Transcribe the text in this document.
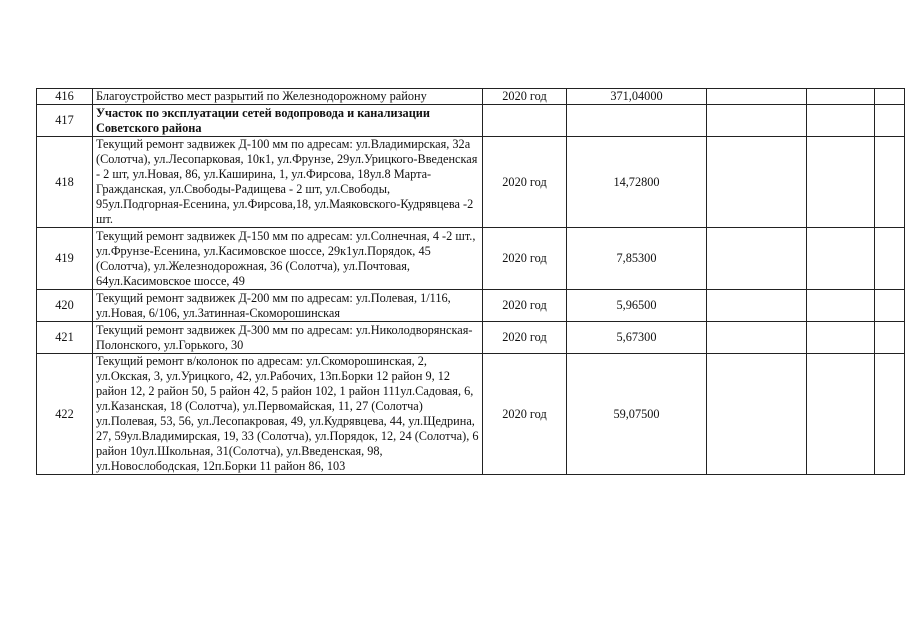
416	Благоустройство мест разрытий по Железнодорожному району	2020 год	371,04000			
417	Участок по эксплуатации сетей водопровода и канализации Советского района					
418	Текущий ремонт задвижек Д-100 мм по адресам: ул.Владимирская, 32а (Солотча), ул.Лесопарковая, 10к1, ул.Фрунзе, 29ул.Урицкого-Введенская - 2 шт, ул.Новая, 86, ул.Каширина, 1, ул.Фирсова, 18ул.8 Марта-Гражданская, ул.Свободы-Радищева - 2 шт, ул.Свободы, 95ул.Подгорная-Есенина, ул.Фирсова,18, ул.Маяковского-Кудрявцева -2 шт.	2020 год	14,72800			
419	Текущий ремонт задвижек Д-150 мм по адресам: ул.Солнечная, 4 -2 шт., ул.Фрунзе-Есенина, ул.Касимовское шоссе, 29к1ул.Порядок, 45 (Солотча), ул.Железнодорожная, 36 (Солотча), ул.Почтовая, 64ул.Касимовское шоссе, 49	2020 год	7,85300			
420	Текущий ремонт задвижек Д-200 мм по адресам: ул.Полевая, 1/116, ул.Новая, 6/106, ул.Затинная-Скоморошинская	2020 год	5,96500			
421	Текущий ремонт задвижек Д-300 мм по адресам: ул.Николодворянская-Полонского, ул.Горького, 30	2020 год	5,67300			
422	Текущий ремонт в/колонок по адресам: ул.Скоморошинская, 2, ул.Окская, 3, ул.Урицкого, 42, ул.Рабочих, 13п.Борки 12 район 9, 12 район 12, 2 район 50, 5 район 42, 5 район 102, 1 район 111ул.Садовая, 6, ул.Казанская, 18 (Солотча), ул.Первомайская, 11, 27 (Солотча) ул.Полевая, 53, 56, ул.Лесопакровая, 49, ул.Кудрявцева, 44, ул.Щедрина, 27, 59ул.Владимирская, 19, 33 (Солотча), ул.Порядок, 12, 24 (Солотча), 6 район 10ул.Школьная, 31(Солотча), ул.Введенская, 98, ул.Новослободская, 12п.Борки 11 район 86, 103	2020 год	59,07500			
